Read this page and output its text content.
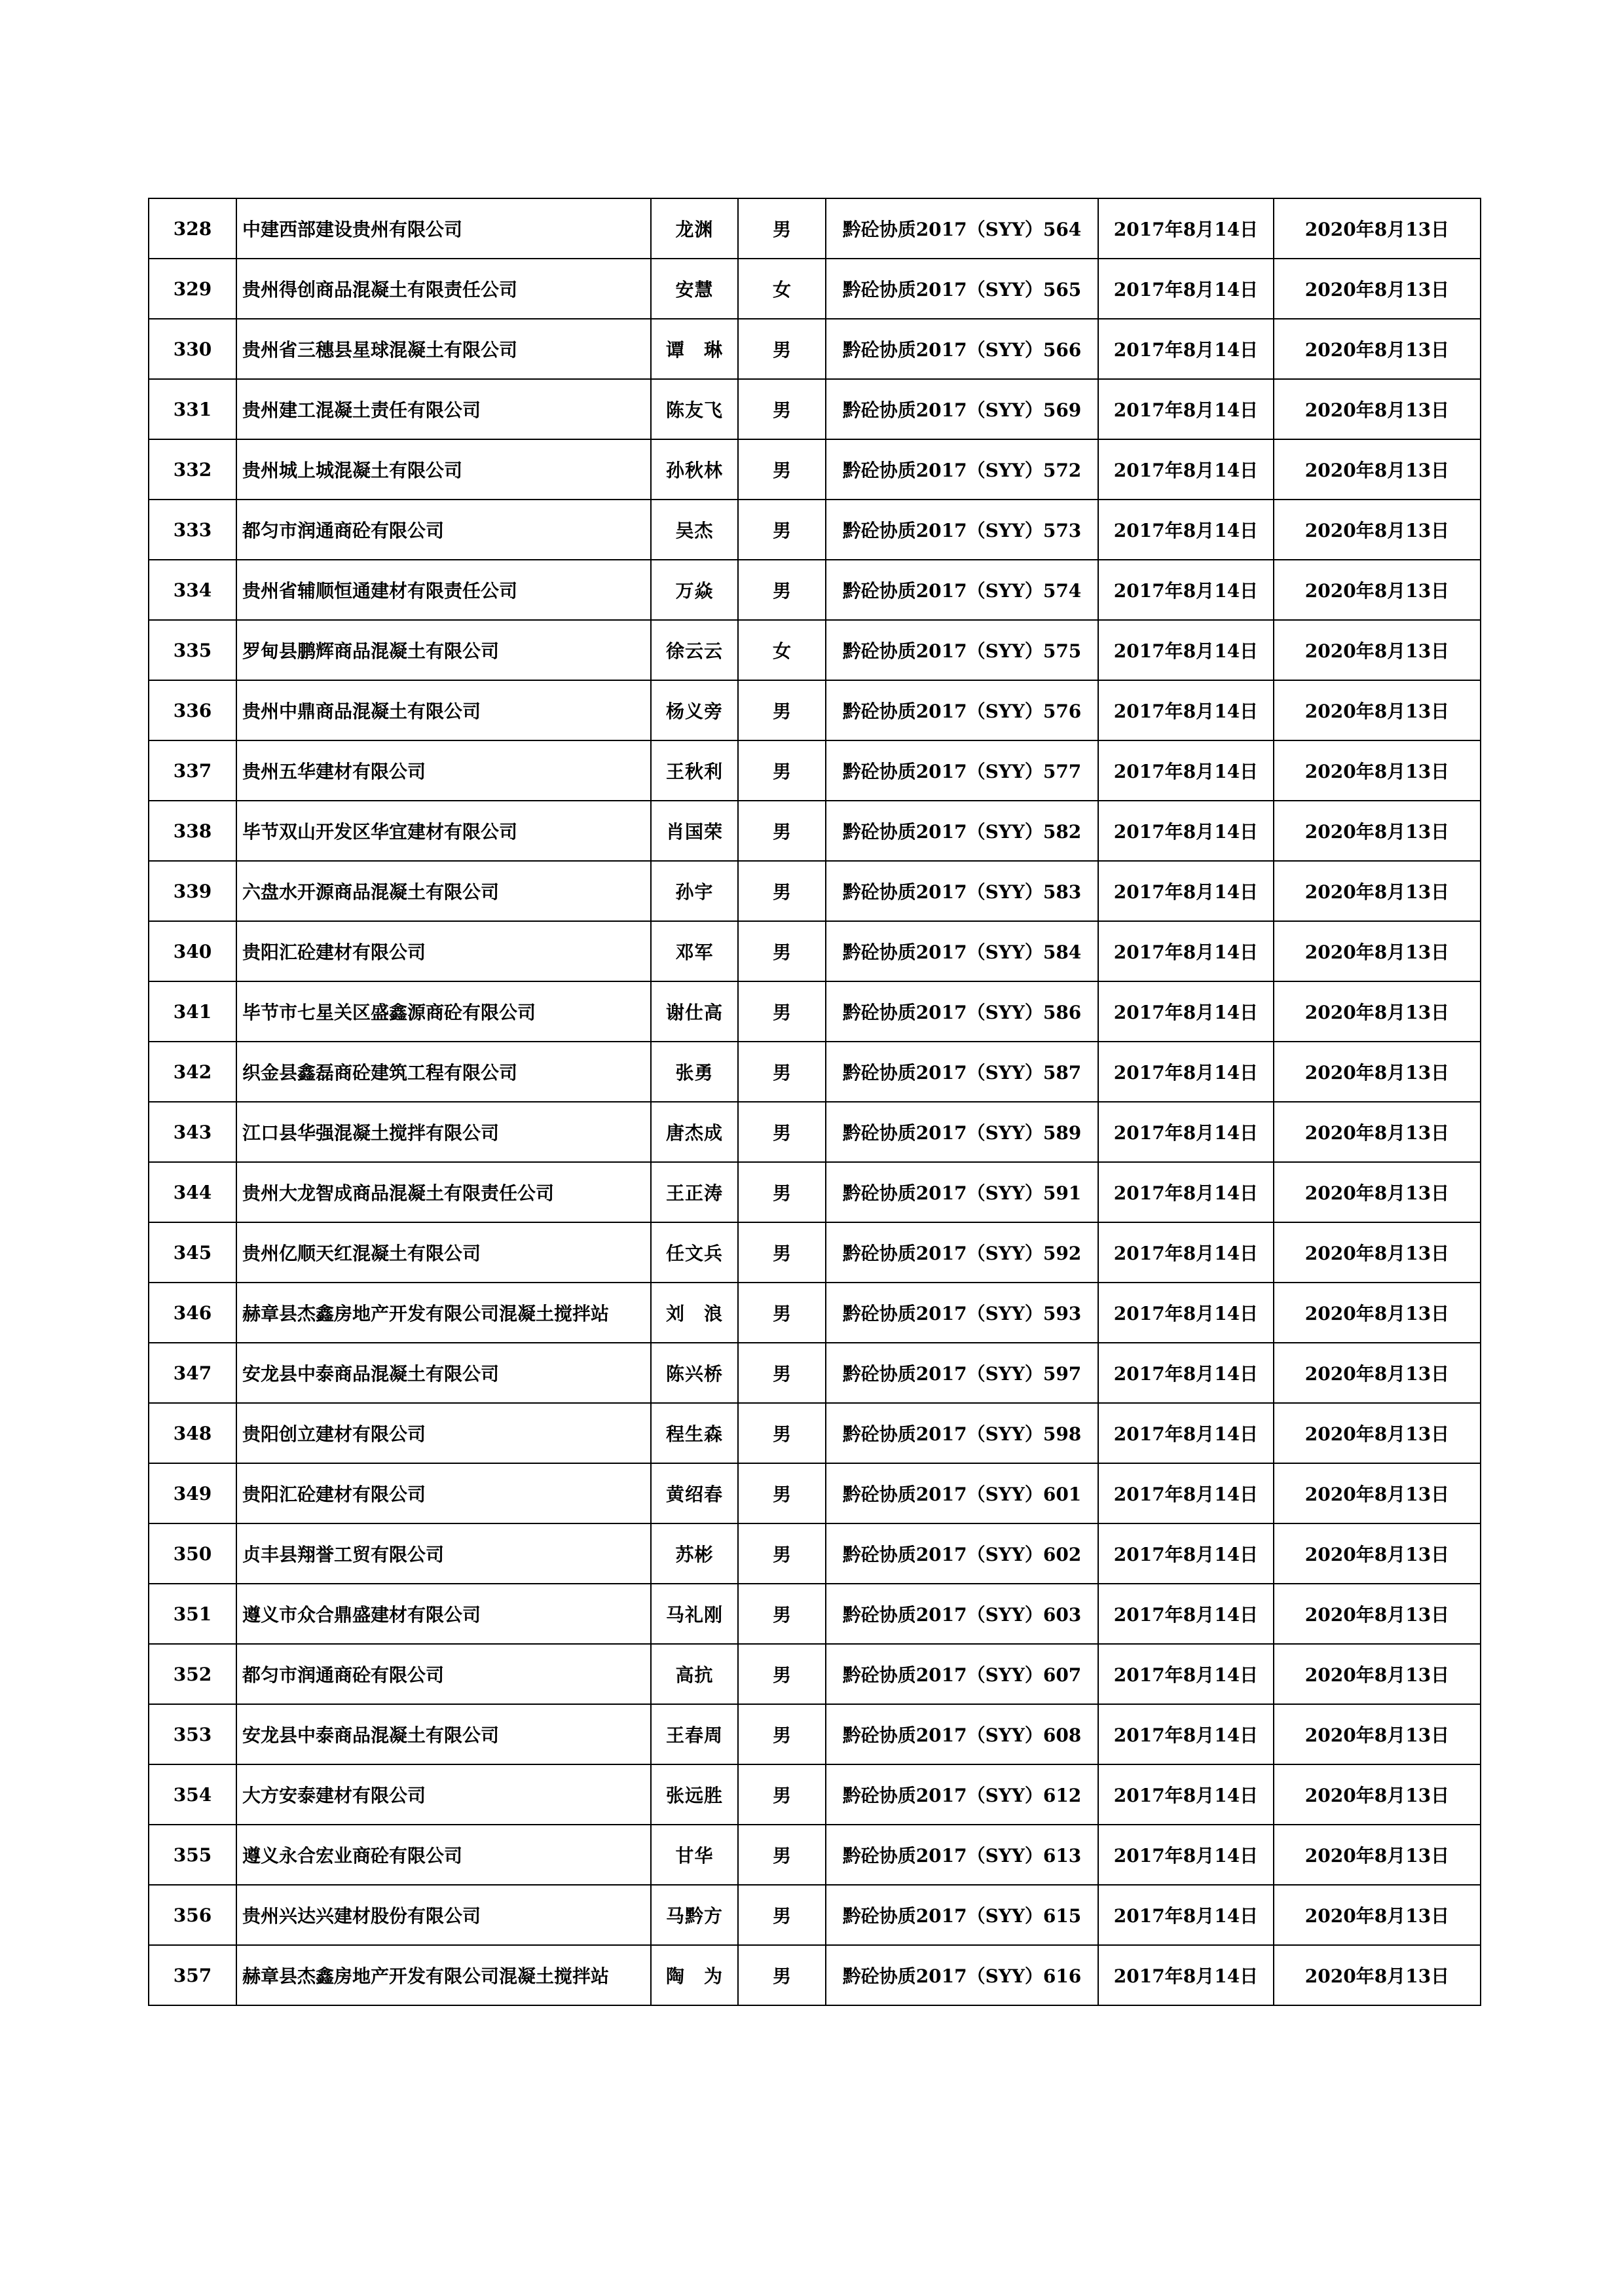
328	中建西部建设贵州有限公司	龙渊	男	黔砼协质2017（SYY）564	2017年8月14日	2020年8月13日
329	贵州得创商品混凝土有限责任公司	安慧	女	黔砼协质2017（SYY）565	2017年8月14日	2020年8月13日
330	贵州省三穗县星球混凝土有限公司	谭　琳	男	黔砼协质2017（SYY）566	2017年8月14日	2020年8月13日
331	贵州建工混凝土责任有限公司	陈友飞	男	黔砼协质2017（SYY）569	2017年8月14日	2020年8月13日
332	贵州城上城混凝土有限公司	孙秋林	男	黔砼协质2017（SYY）572	2017年8月14日	2020年8月13日
333	都匀市润通商砼有限公司	吴杰	男	黔砼协质2017（SYY）573	2017年8月14日	2020年8月13日
334	贵州省辅顺恒通建材有限责任公司	万焱	男	黔砼协质2017（SYY）574	2017年8月14日	2020年8月13日
335	罗甸县鹏辉商品混凝土有限公司	徐云云	女	黔砼协质2017（SYY）575	2017年8月14日	2020年8月13日
336	贵州中鼎商品混凝土有限公司	杨义旁	男	黔砼协质2017（SYY）576	2017年8月14日	2020年8月13日
337	贵州五华建材有限公司	王秋利	男	黔砼协质2017（SYY）577	2017年8月14日	2020年8月13日
338	毕节双山开发区华宜建材有限公司	肖国荣	男	黔砼协质2017（SYY）582	2017年8月14日	2020年8月13日
339	六盘水开源商品混凝土有限公司	孙宇	男	黔砼协质2017（SYY）583	2017年8月14日	2020年8月13日
340	贵阳汇砼建材有限公司	邓军	男	黔砼协质2017（SYY）584	2017年8月14日	2020年8月13日
341	毕节市七星关区盛鑫源商砼有限公司	谢仕高	男	黔砼协质2017（SYY）586	2017年8月14日	2020年8月13日
342	织金县鑫磊商砼建筑工程有限公司	张勇	男	黔砼协质2017（SYY）587	2017年8月14日	2020年8月13日
343	江口县华强混凝土搅拌有限公司	唐杰成	男	黔砼协质2017（SYY）589	2017年8月14日	2020年8月13日
344	贵州大龙智成商品混凝土有限责任公司	王正涛	男	黔砼协质2017（SYY）591	2017年8月14日	2020年8月13日
345	贵州亿顺天红混凝土有限公司	任文兵	男	黔砼协质2017（SYY）592	2017年8月14日	2020年8月13日
346	赫章县杰鑫房地产开发有限公司混凝土搅拌站	刘　浪	男	黔砼协质2017（SYY）593	2017年8月14日	2020年8月13日
347	安龙县中泰商品混凝土有限公司	陈兴桥	男	黔砼协质2017（SYY）597	2017年8月14日	2020年8月13日
348	贵阳创立建材有限公司	程生森	男	黔砼协质2017（SYY）598	2017年8月14日	2020年8月13日
349	贵阳汇砼建材有限公司	黄绍春	男	黔砼协质2017（SYY）601	2017年8月14日	2020年8月13日
350	贞丰县翔誉工贸有限公司	苏彬	男	黔砼协质2017（SYY）602	2017年8月14日	2020年8月13日
351	遵义市众合鼎盛建材有限公司	马礼刚	男	黔砼协质2017（SYY）603	2017年8月14日	2020年8月13日
352	都匀市润通商砼有限公司	高抗	男	黔砼协质2017（SYY）607	2017年8月14日	2020年8月13日
353	安龙县中泰商品混凝土有限公司	王春周	男	黔砼协质2017（SYY）608	2017年8月14日	2020年8月13日
354	大方安泰建材有限公司	张远胜	男	黔砼协质2017（SYY）612	2017年8月14日	2020年8月13日
355	遵义永合宏业商砼有限公司	甘华	男	黔砼协质2017（SYY）613	2017年8月14日	2020年8月13日
356	贵州兴达兴建材股份有限公司	马黔方	男	黔砼协质2017（SYY）615	2017年8月14日	2020年8月13日
357	赫章县杰鑫房地产开发有限公司混凝土搅拌站	陶　为	男	黔砼协质2017（SYY）616	2017年8月14日	2020年8月13日
